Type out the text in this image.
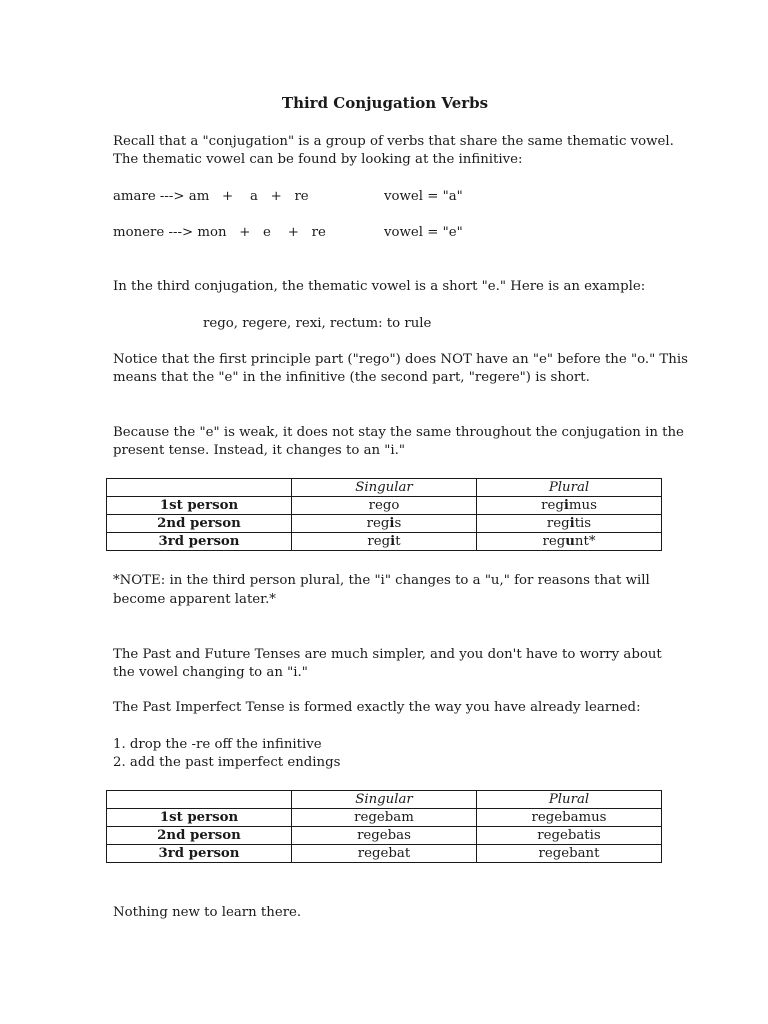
Third Conjugation Verbs
Recall that a "conjugation" is a group of verbs that share the same thematic vowel.
The thematic vowel can be found by looking at the infinitive:
amare ---> am   +    a   +   re	vowel = "a"
monere ---> mon   +   e    +   re	vowel = "e"
In the third conjugation, the thematic vowel is a short "e." Here is an example:
rego, regere, rexi, rectum: to rule
Notice that the first principle part ("rego") does NOT have an "e" before the "o." This
means that the "e" in the infinitive (the second part, "regere") is short.
Because the "e" is weak, it does not stay the same throughout the conjugation in the
present tense. Instead, it changes to an "i."
	Singular	Plural
1st person	rego	regimus
2nd person	regis	regitis
3rd person	regit	regunt*
*NOTE: in the third person plural, the "i" changes to a "u," for reasons that will
become apparent later.*
The Past and Future Tenses are much simpler, and you don't have to worry about
the vowel changing to an "i."
The Past Imperfect Tense is formed exactly the way you have already learned:
1. drop the -re off the infinitive
2. add the past imperfect endings
	Singular	Plural
1st person	regebam	regebamus
2nd person	regebas	regebatis
3rd person	regebat	regebant
Nothing new to learn there.
